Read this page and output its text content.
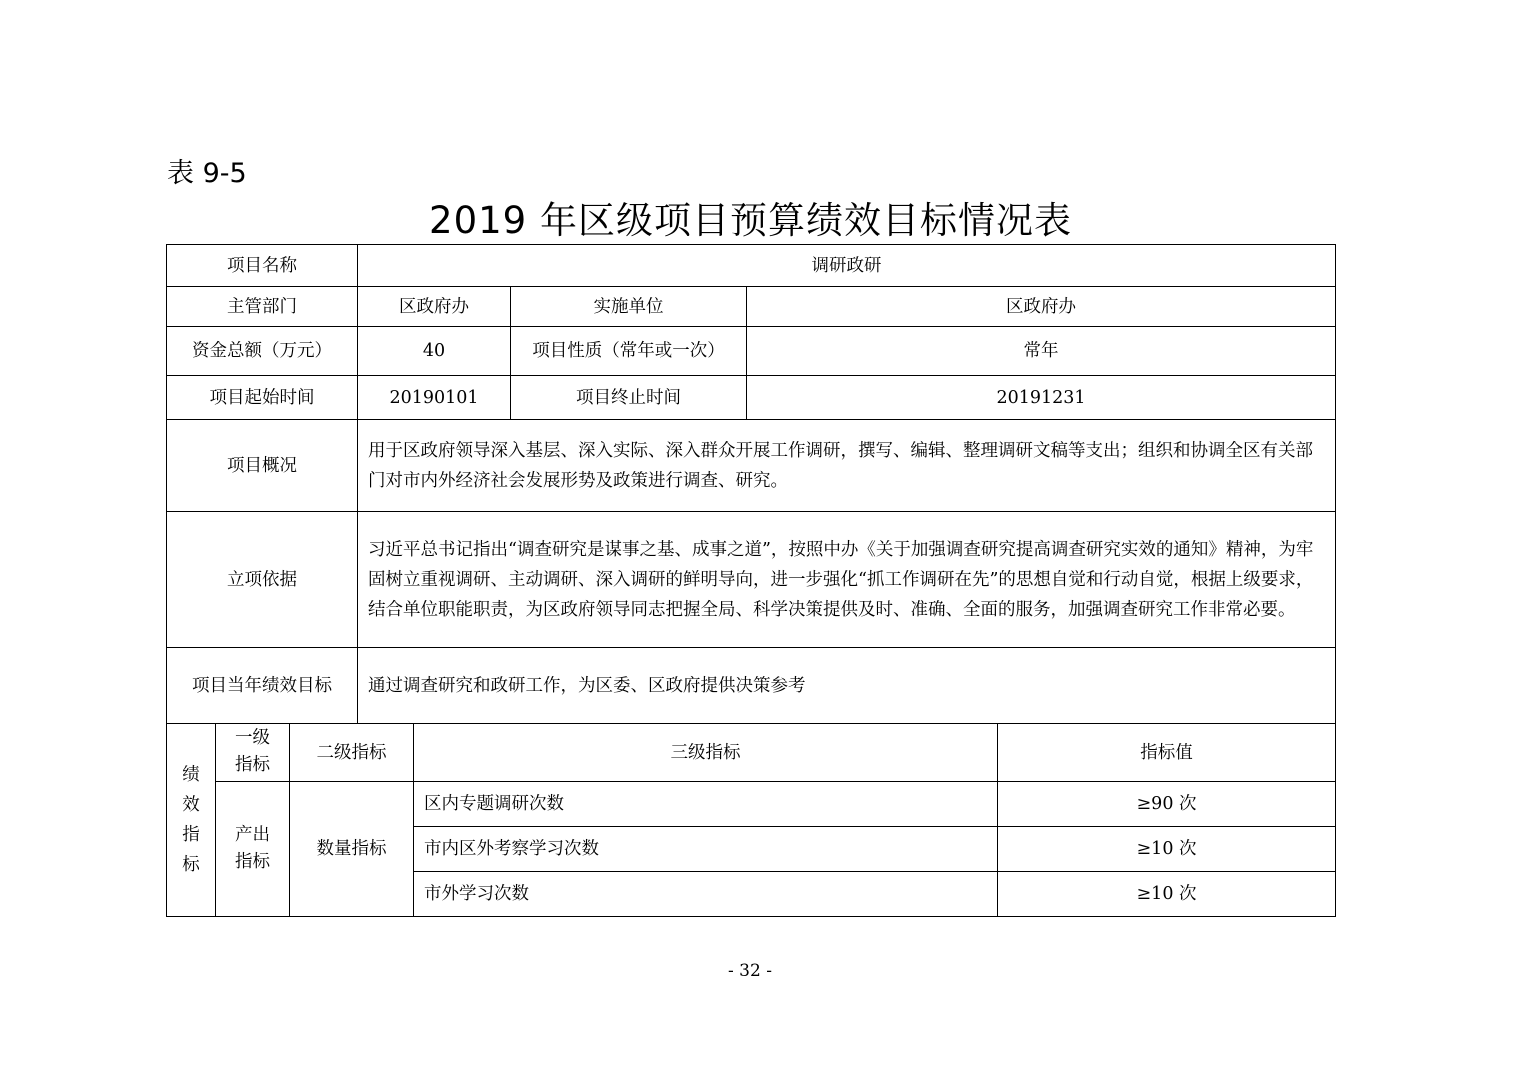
表 9-5
2019 年区级项目预算绩效目标情况表
项目名称			调研政研				
主管部门			区政府办		实施单位	区政府办	
资金总额（万元）			40		项目性质（常年或一次）	常年	
项目起始时间			20190101		项目终止时间	20191231	
项目概况			用于区政府领导深入基层、深入实际、深入群众开展工作调研，撰写、编辑、整理调研文稿等支出；组织和协调全区有关部门对市内外经济社会发展形势及政策进行调查、研究。				
立项依据			习近平总书记指出“调查研究是谋事之基、成事之道”，按照中办《关于加强调查研究提高调查研究实效的通知》精神，为牢固树立重视调研、主动调研、深入调研的鲜明导向，进一步强化“抓工作调研在先”的思想自觉和行动自觉，根据上级要求，结合单位职能职责，为区政府领导同志把握全局、科学决策提供及时、准确、全面的服务，加强调查研究工作非常必要。				
项目当年绩效目标			通过调查研究和政研工作，为区委、区政府提供决策参考				
绩效指标	一级指标	二级指标		三级指标			指标值
	产出指标	数量指标		区内专题调研次数			≥90 次
				市内区外考察学习次数			≥10 次
				市外学习次数			≥10 次
- 32 -
